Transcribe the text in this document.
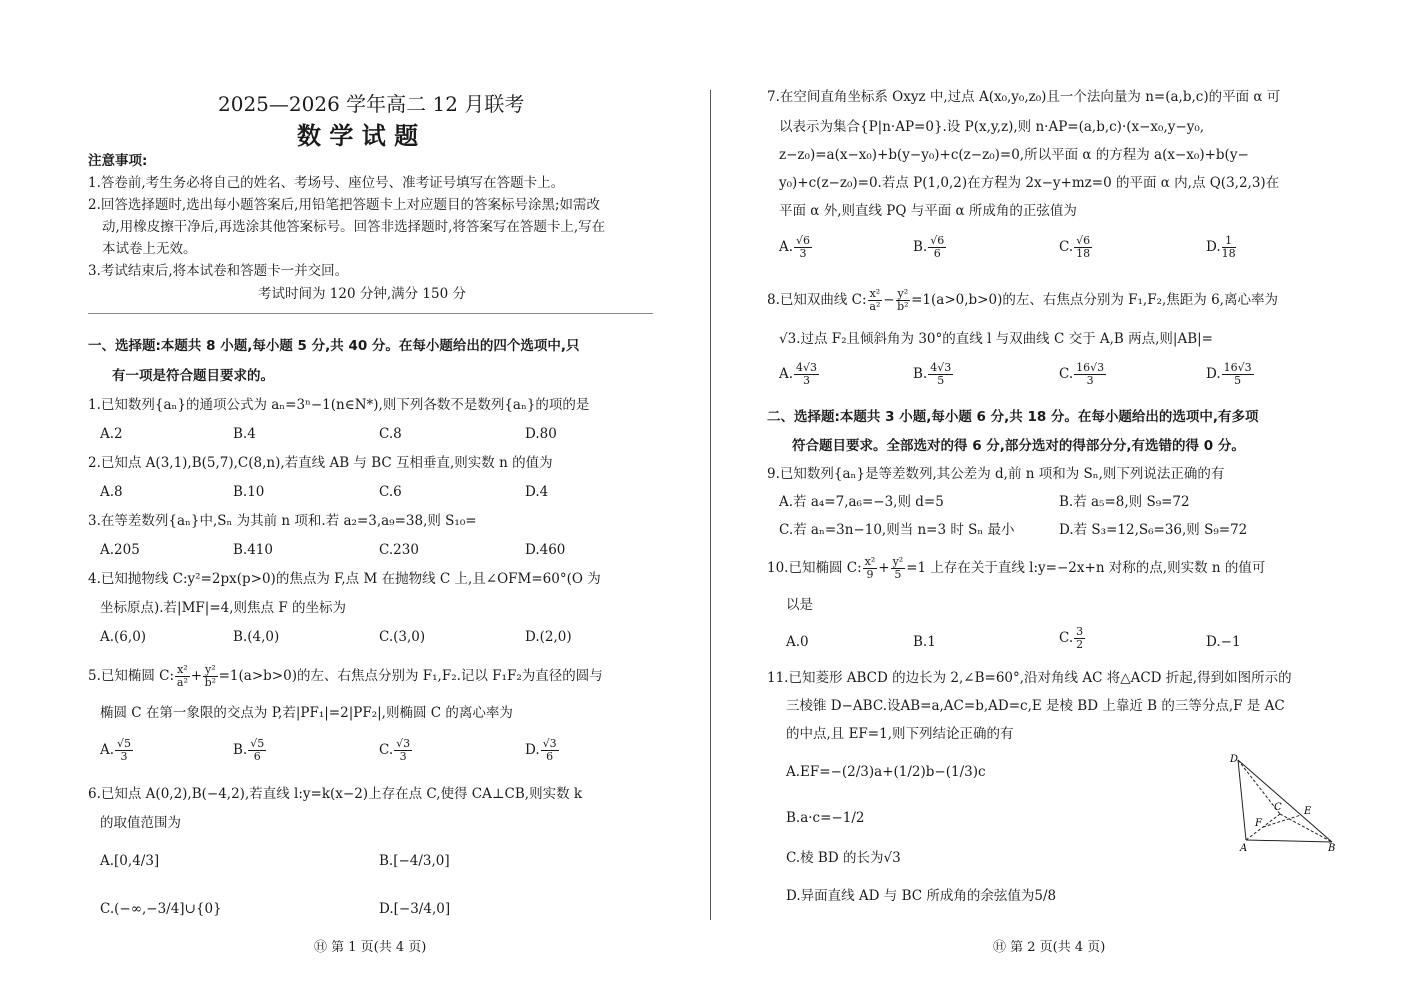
2025—2026 学年高二 12 月联考
数 学 试 题
注意事项:
1.答卷前,考生务必将自己的姓名、考场号、座位号、准考证号填写在答题卡上。
2.回答选择题时,选出每小题答案后,用铅笔把答题卡上对应题目的答案标号涂黑;如需改
动,用橡皮擦干净后,再选涂其他答案标号。回答非选择题时,将答案写在答题卡上,写在
本试卷上无效。
3.考试结束后,将本试卷和答题卡一并交回。
考试时间为 120 分钟,满分 150 分
一、选择题:本题共 8 小题,每小题 5 分,共 40 分。在每小题给出的四个选项中,只
有一项是符合题目要求的。
1.已知数列{aₙ}的通项公式为 aₙ=3ⁿ−1(n∈N*),则下列各数不是数列{aₙ}的项的是
A.2	B.4	C.8	D.80
2.已知点 A(3,1),B(5,7),C(8,n),若直线 AB 与 BC 互相垂直,则实数 n 的值为
A.8	B.10	C.6	D.4
3.在等差数列{aₙ}中,Sₙ 为其前 n 项和.若 a₂=3,a₉=38,则 S₁₀=
A.205	B.410	C.230	D.460
4.已知抛物线 C:y²=2px(p>0)的焦点为 F,点 M 在抛物线 C 上,且∠OFM=60°(O 为
坐标原点).若|MF|=4,则焦点 F 的坐标为
A.(6,0)	B.(4,0)	C.(3,0)	D.(2,0)
5.已知椭圆 C: $\frac{\text{x²}}{\text{a²}} + \frac{\text{y²}}{\text{b²}} =1(a>b>0)$的左、右焦点分别为 F₁,F₂.记以 F₁F₂为直径的圆与
椭圆 C 在第一象限的交点为 P,若|PF₁|=2|PF₂|,则椭圆 C 的离心率为
A. $\frac{√5}{3}$	B. $\frac{√5}{6}$	C. $\frac{√3}{3}$	D. $\frac{√3}{6}$
6.已知点 A(0,2),B(−4,2),若直线 l:y=k(x−2)上存在点 C,使得 CA⊥CB,则实数 k
的取值范围为
A.[0,4/3]	B.[−4/3,0]
C.(−∞,−3/4]∪{0}	D.[−3/4,0]
Ⓗ 第 1 页(共 4 页)
7.在空间直角坐标系 Oxyz 中,过点 A(x₀,y₀,z₀)且一个法向量为 n=(a,b,c)的平面 α 可
以表示为集合{P|n·AP=0}.设 P(x,y,z),则 n·AP=(a,b,c)·(x−x₀,y−y₀,
z−z₀)=a(x−x₀)+b(y−y₀)+c(z−z₀)=0,所以平面 α 的方程为 a(x−x₀)+b(y−
y₀)+c(z−z₀)=0.若点 P(1,0,2)在方程为 2x−y+mz=0 的平面 α 内,点 Q(3,2,3)在
平面 α 外,则直线 PQ 与平面 α 所成角的正弦值为
A. $\frac{√6}{3}$	B. $\frac{√6}{6}$	C. $\frac{√6}{18}$	D. $\frac{1}{18}$
8.已知双曲线 C: $\frac{\text{x²}}{\text{a²}} - \frac{\text{y²}}{\text{b²}} =1(a>0,b>0)$的左、右焦点分别为 F₁,F₂,焦距为 6,离心率为
√3.过点 F₂且倾斜角为 30°的直线 l 与双曲线 C 交于 A,B 两点,则|AB|=
A. $\frac{4√3}{3}$	B. $\frac{4√3}{5}$	C. $\frac{16√3}{3}$	D. $\frac{16√3}{5}$
二、选择题:本题共 3 小题,每小题 6 分,共 18 分。在每小题给出的选项中,有多项
符合题目要求。全部选对的得 6 分,部分选对的得部分分,有选错的得 0 分。
9.已知数列{aₙ}是等差数列,其公差为 d,前 n 项和为 Sₙ,则下列说法正确的有
A.若 a₄=7,a₆=−3,则 d=5	B.若 a₅=8,则 S₉=72
C.若 aₙ=3n−10,则当 n=3 时 Sₙ 最小	D.若 S₃=12,S₆=36,则 S₉=72
10.已知椭圆 C: $\frac{\text{x²}}{9} + \frac{\text{y²}}{5} =1$ 上存在关于直线 l:y=−2x+n 对称的点,则实数 n 的值可
以是
A.0	B.1	C. $\frac{3}{2}$	D.−1
11.已知菱形 ABCD 的边长为 2,∠B=60°,沿对角线 AC 将△ACD 折起,得到如图所示的
三棱锥 D−ABC.设AB=a,AC=b,AD=c,E 是棱 BD 上靠近 B 的三等分点,F 是 AC
的中点,且 EF=1,则下列结论正确的有
A.EF=−(2/3)a+(1/2)b−(1/3)c
B.a·c=−1/2
C.棱 BD 的长为√3
D.异面直线 AD 与 BC 所成角的余弦值为5/8
D
C E
F
A	B
Ⓗ 第 2 页(共 4 页)
